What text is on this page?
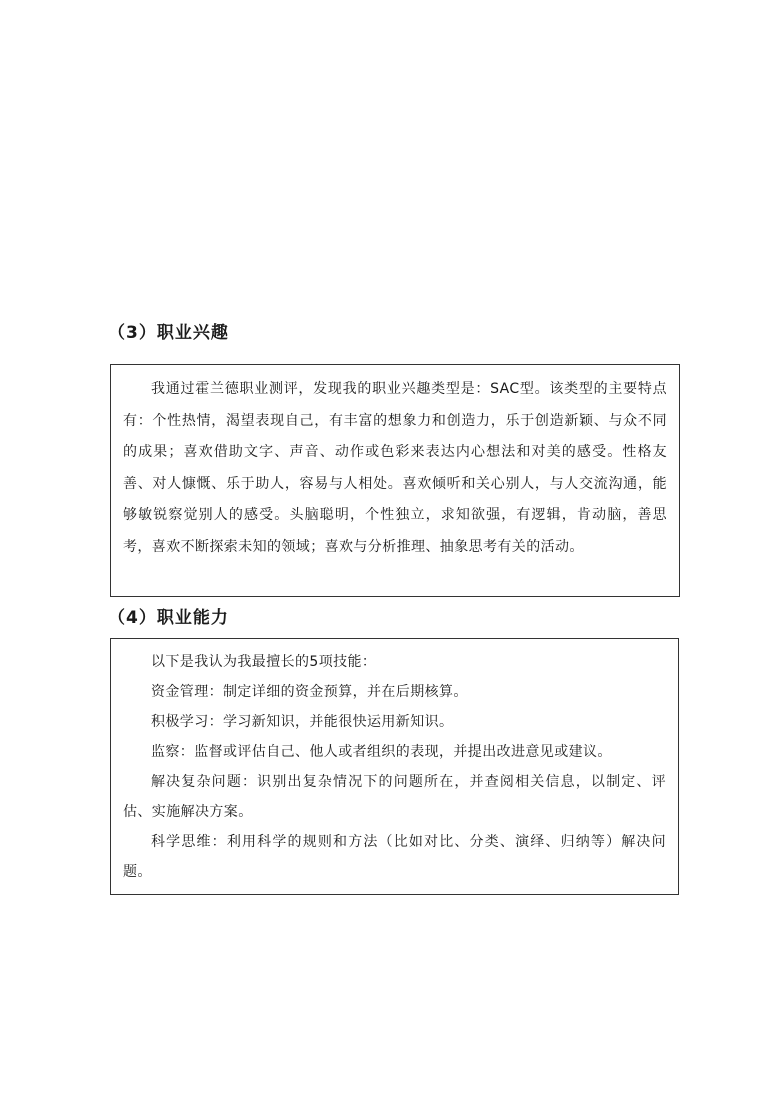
（3）职业兴趣

我通过霍兰德职业测评，发现我的职业兴趣类型是：SAC型。该类型的主要特点有：个性热情，渴望表现自己，有丰富的想象力和创造力，乐于创造新颖、与众不同的成果；喜欢借助文字、声音、动作或色彩来表达内心想法和对美的感受。性格友善、对人慷慨、乐于助人，容易与人相处。喜欢倾听和关心别人，与人交流沟通，能够敏锐察觉别人的感受。头脑聪明，个性独立，求知欲强，有逻辑，肯动脑，善思考，喜欢不断探索未知的领域；喜欢与分析推理、抽象思考有关的活动。

（4）职业能力

以下是我认为我最擅长的5项技能：

资金管理：制定详细的资金预算，并在后期核算。

积极学习：学习新知识，并能很快运用新知识。

监察：监督或评估自己、他人或者组织的表现，并提出改进意见或建议。

解决复杂问题：识别出复杂情况下的问题所在，并查阅相关信息，以制定、评估、实施解决方案。

科学思维：利用科学的规则和方法（比如对比、分类、演绎、归纳等）解决问题。
